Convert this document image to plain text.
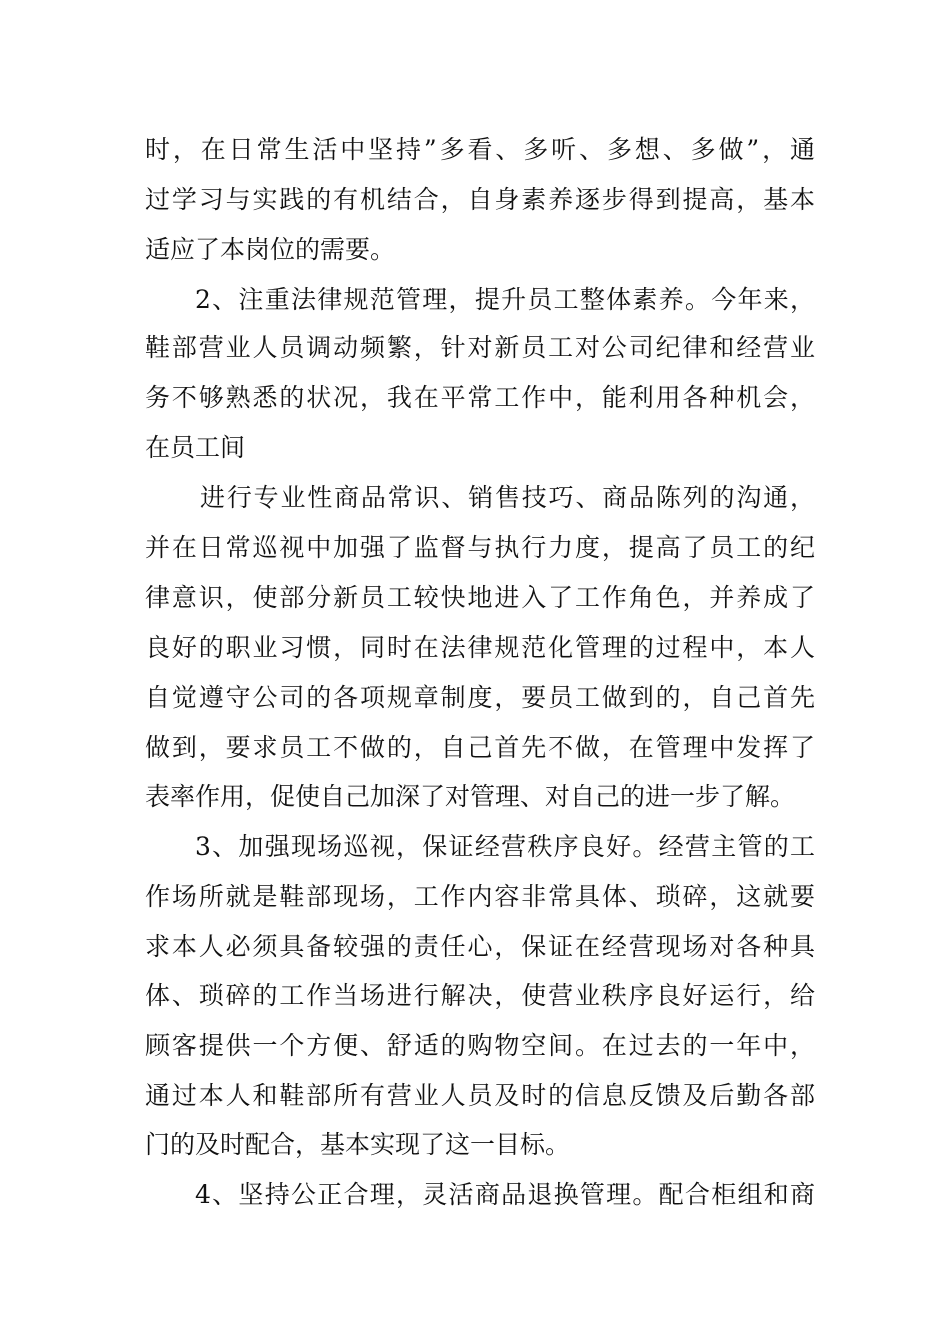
时，在日常生活中坚持”多看、多听、多想、多做”，通
过学习与实践的有机结合，自身素养逐步得到提高，基本
适应了本岗位的需要。
2、注重法律规范管理，提升员工整体素养。今年来，
鞋部营业人员调动频繁，针对新员工对公司纪律和经营业
务不够熟悉的状况，我在平常工作中，能利用各种机会，
在员工间
进行专业性商品常识、销售技巧、商品陈列的沟通，
并在日常巡视中加强了监督与执行力度，提高了员工的纪
律意识，使部分新员工较快地进入了工作角色，并养成了
良好的职业习惯，同时在法律规范化管理的过程中，本人
自觉遵守公司的各项规章制度，要员工做到的，自己首先
做到，要求员工不做的，自己首先不做，在管理中发挥了
表率作用，促使自己加深了对管理、对自己的进一步了解。
3、加强现场巡视，保证经营秩序良好。经营主管的工
作场所就是鞋部现场，工作内容非常具体、琐碎，这就要
求本人必须具备较强的责任心，保证在经营现场对各种具
体、琐碎的工作当场进行解决，使营业秩序良好运行，给
顾客提供一个方便、舒适的购物空间。在过去的一年中，
通过本人和鞋部所有营业人员及时的信息反馈及后勤各部
门的及时配合，基本实现了这一目标。
4、坚持公正合理，灵活商品退换管理。配合柜组和商
